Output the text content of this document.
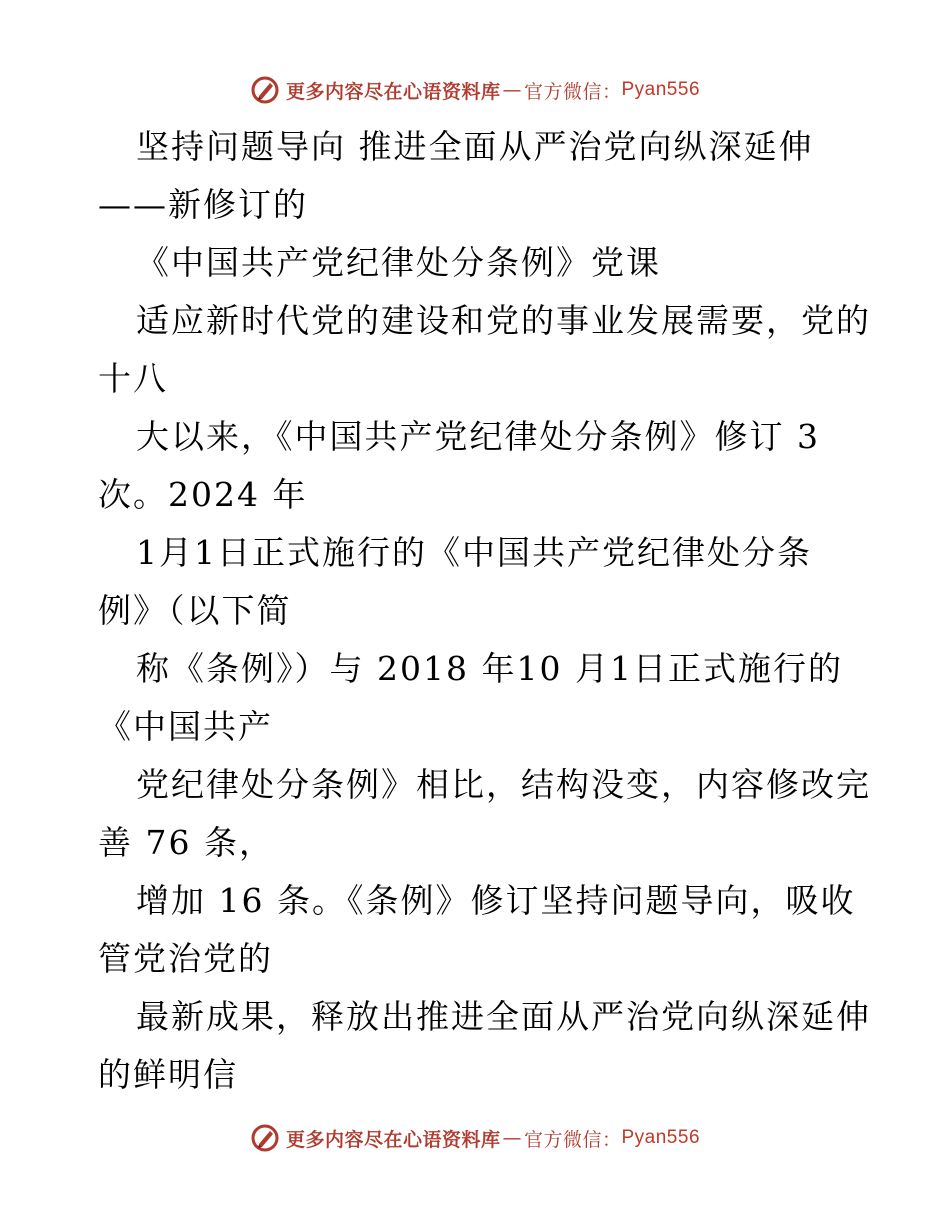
更多内容尽在心语资料库 — 官方微信： Pyan556
坚持问题导向 推进全面从严治党向纵深延伸
——新修订的
《中国共产党纪律处分条例》党课
适应新时代党的建设和党的事业发展需要，党的
十八
大以来，《中国共产党纪律处分条例》修订 3
次。2024 年
1月1日正式施行的《中国共产党纪律处分条
例》（以下简
称《条例》）与 2018 年10 月1日正式施行的
《中国共产
党纪律处分条例》相比，结构没变，内容修改完
善 76 条，
增加 16 条。《条例》修订坚持问题导向，吸收
管党治党的
最新成果，释放出推进全面从严治党向纵深延伸
的鲜明信
更多内容尽在心语资料库 — 官方微信： Pyan556
